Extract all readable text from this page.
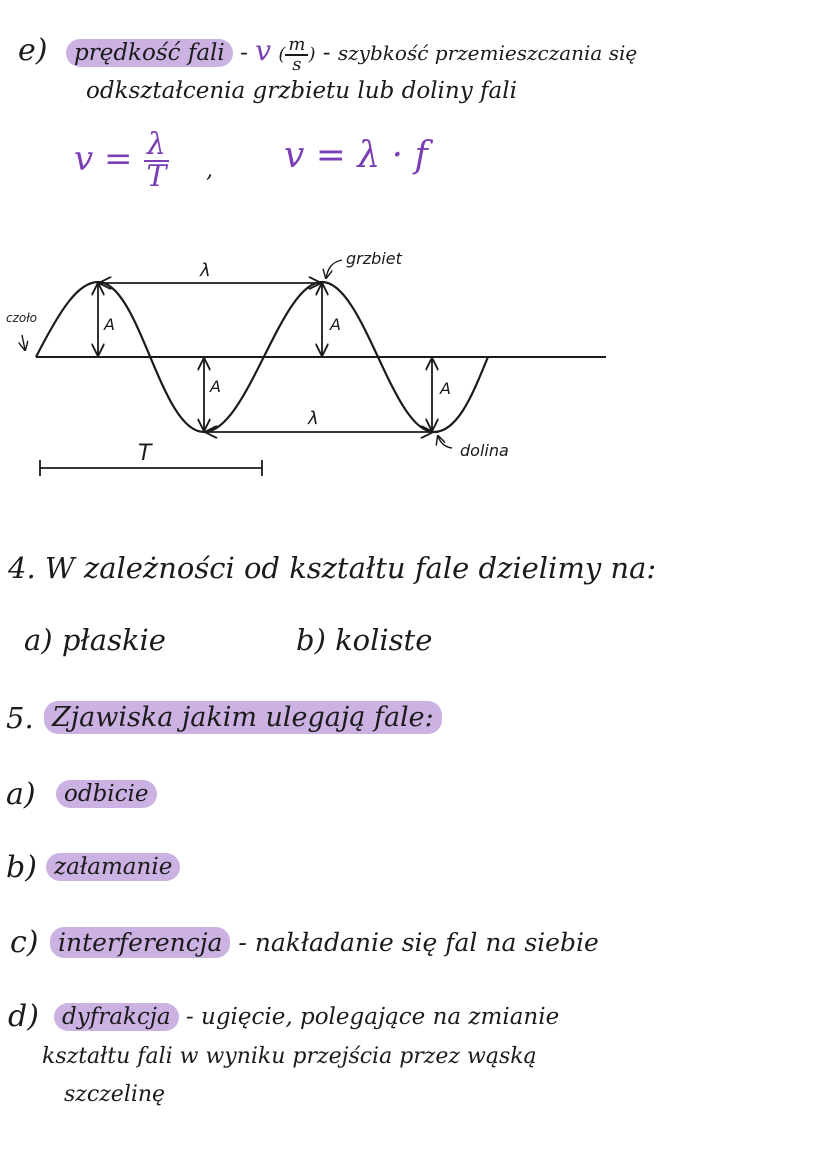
e)	prędkość fali - v ( $\frac{m}{s}$ ) - szybkość przemieszczania się
odkształcenia grzbietu lub doliny fali
$v = \frac{\lambda}{T}$ , v = λ · f
czoło
grzbiet
dolina
λ
λ
A	A
A	A
T
4. W zależności od kształtu fale dzielimy na:
a) płaskie	b) koliste
5. Zjawiska jakim ulegają fale:
a)	odbicie
b) załamanie
c) interferencja - nakładanie się fal na siebie
d)	dyfrakcja - ugięcie, polegające na zmianie
kształtu fali w wyniku przejścia przez wąską
szczelinę
